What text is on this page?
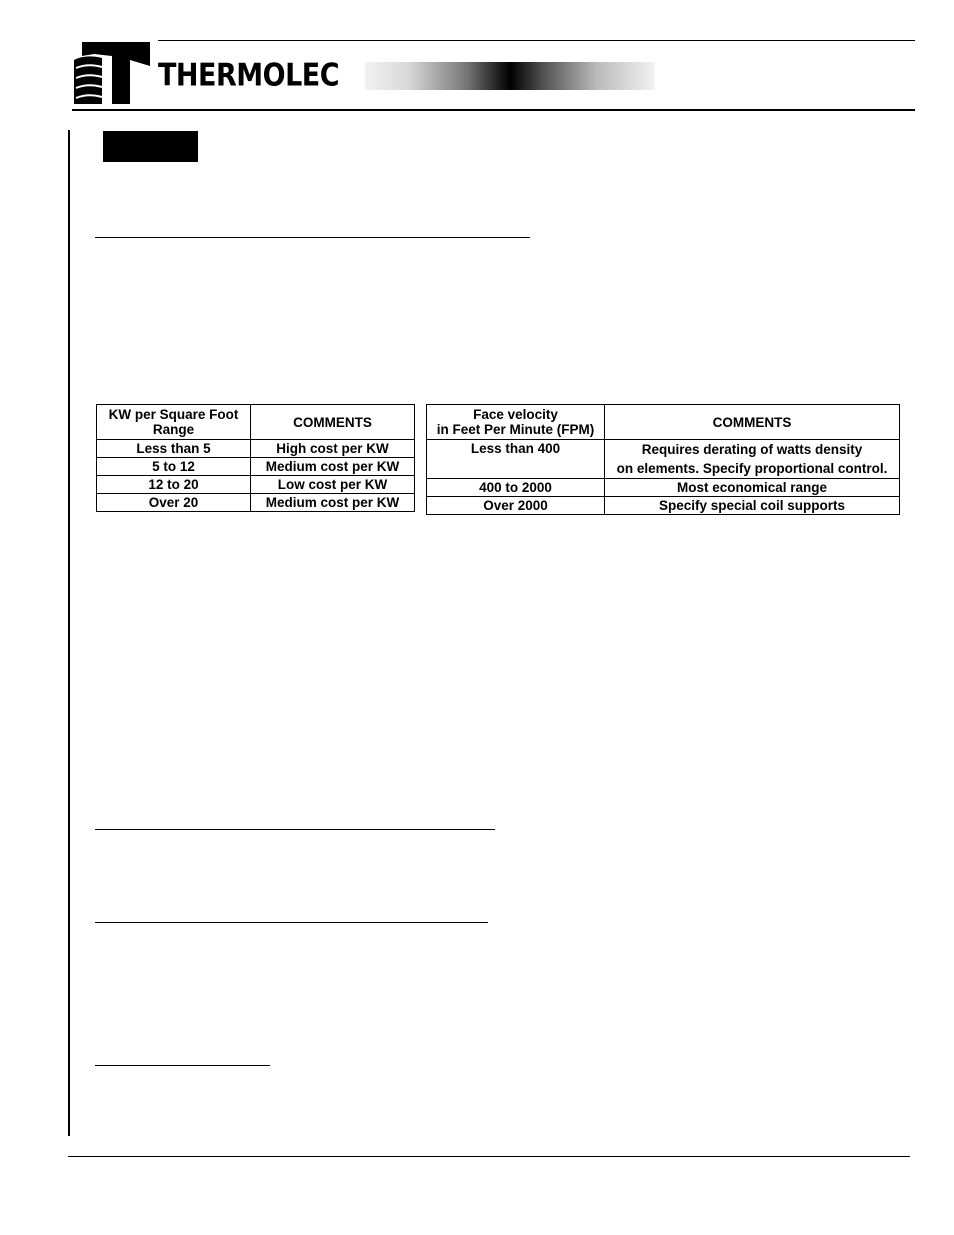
THERMOLEC
KW per Square Foot
Range	COMMENTS
Less than 5	High cost per KW
5 to 12	Medium cost per KW
12 to 20	Low cost per KW
Over 20	Medium cost per KW
Face velocity
in Feet Per Minute (FPM)	COMMENTS
Less than 400	Requires derating of watts density
on elements. Specify proportional control.

400 to 2000	Most economical range
Over 2000	Specify special coil supports
